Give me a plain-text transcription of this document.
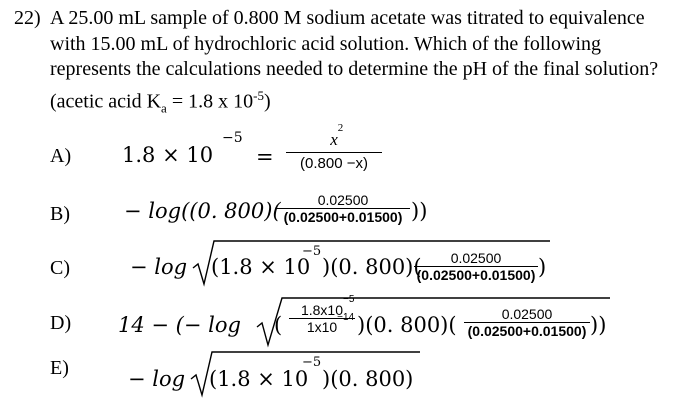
22) A 25.00 mL sample of 0.800 M sodium acetate was titrated to equivalence
with 15.00 mL of hydrochloric acid solution. Which of the following
represents the calculations needed to determine the pH of the final solution?
(acetic acid $K_a = 1.8$ x $10^{-5}$)
A) 1.8 × 10
−5
=
x
2
(0.800 −x)
B)	− log((0. 800)(	0.02500
(0.02500+0.01500) ))
C)	− log (1.8 × 10
−5
)(0. 800)(	0.02500
(0.02500+0.01500) )
D) 14 − (− log (
1.8x10
−5
1x10
−14 )(0. 800)(	0.02500
(0.02500+0.01500) ))
E)	− log (1.8 × 10
−5
)(0. 800)
